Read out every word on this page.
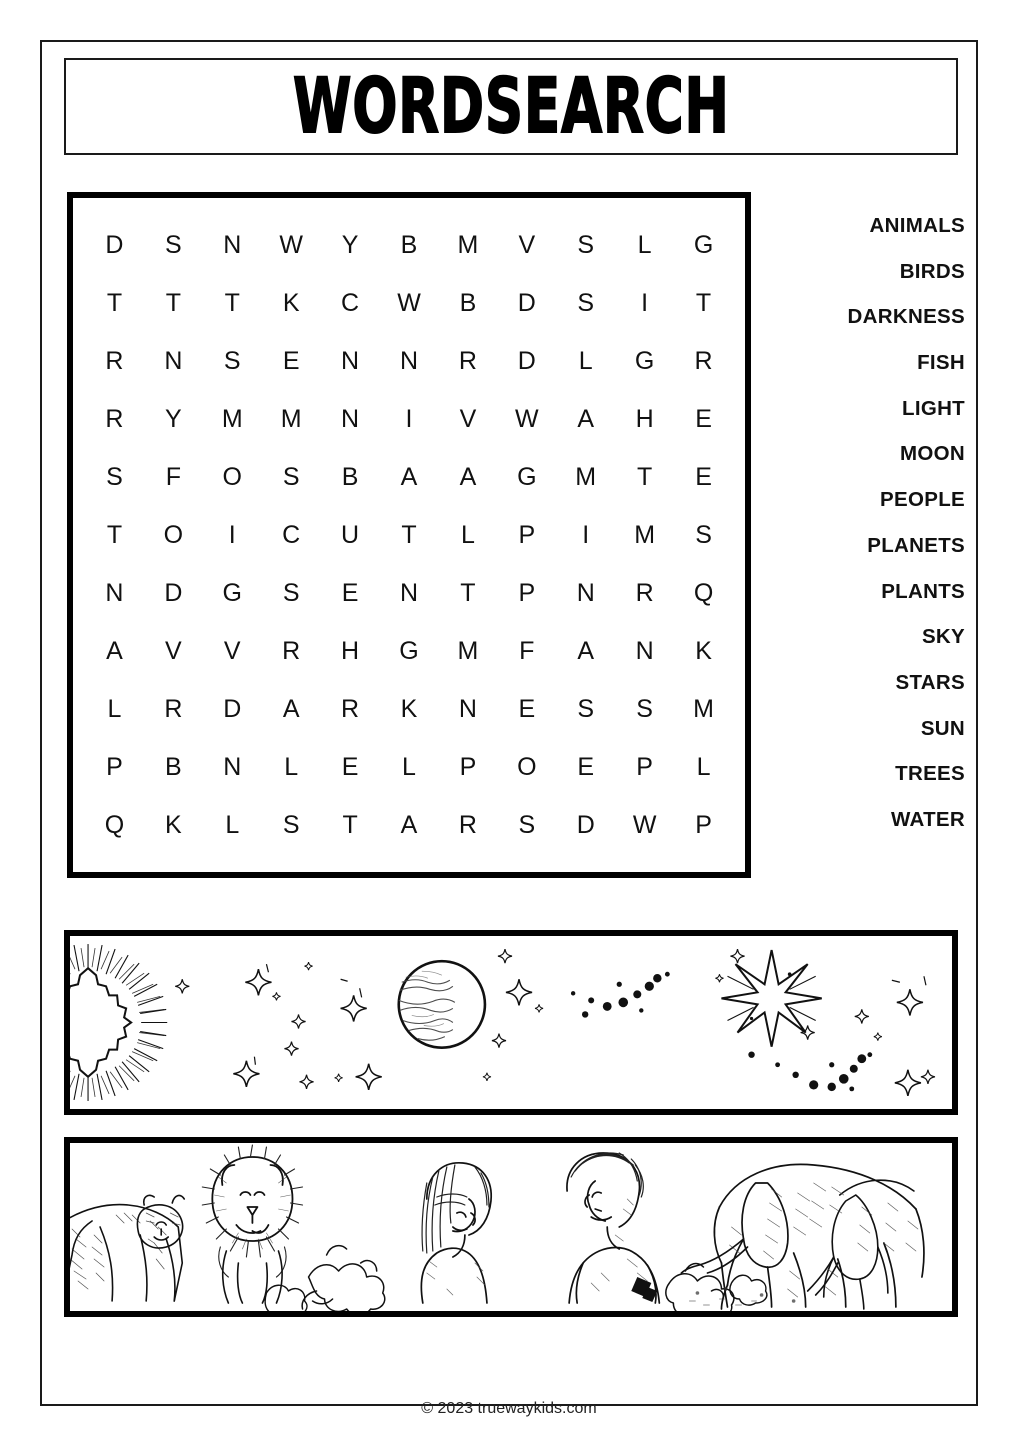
WORDSEARCH
D	S	N	W	Y	B	M	V	S	L	G
T	T	T	K	C	W	B	D	S	I	T
R	N	S	E	N	N	R	D	L	G	R
R	Y	M	M	N	I	V	W	A	H	E
S	F	O	S	B	A	A	G	M	T	E
T	O	I	C	U	T	L	P	I	M	S
N	D	G	S	E	N	T	P	N	R	Q
A	V	V	R	H	G	M	F	A	N	K
L	R	D	A	R	K	N	E	S	S	M
P	B	N	L	E	L	P	O	E	P	L
Q	K	L	S	T	A	R	S	D	W	P
ANIMALS
BIRDS
DARKNESS
FISH
LIGHT
MOON
PEOPLE
PLANETS
PLANTS
SKY
STARS
SUN
TREES
WATER
© 2023 truewaykids.com
